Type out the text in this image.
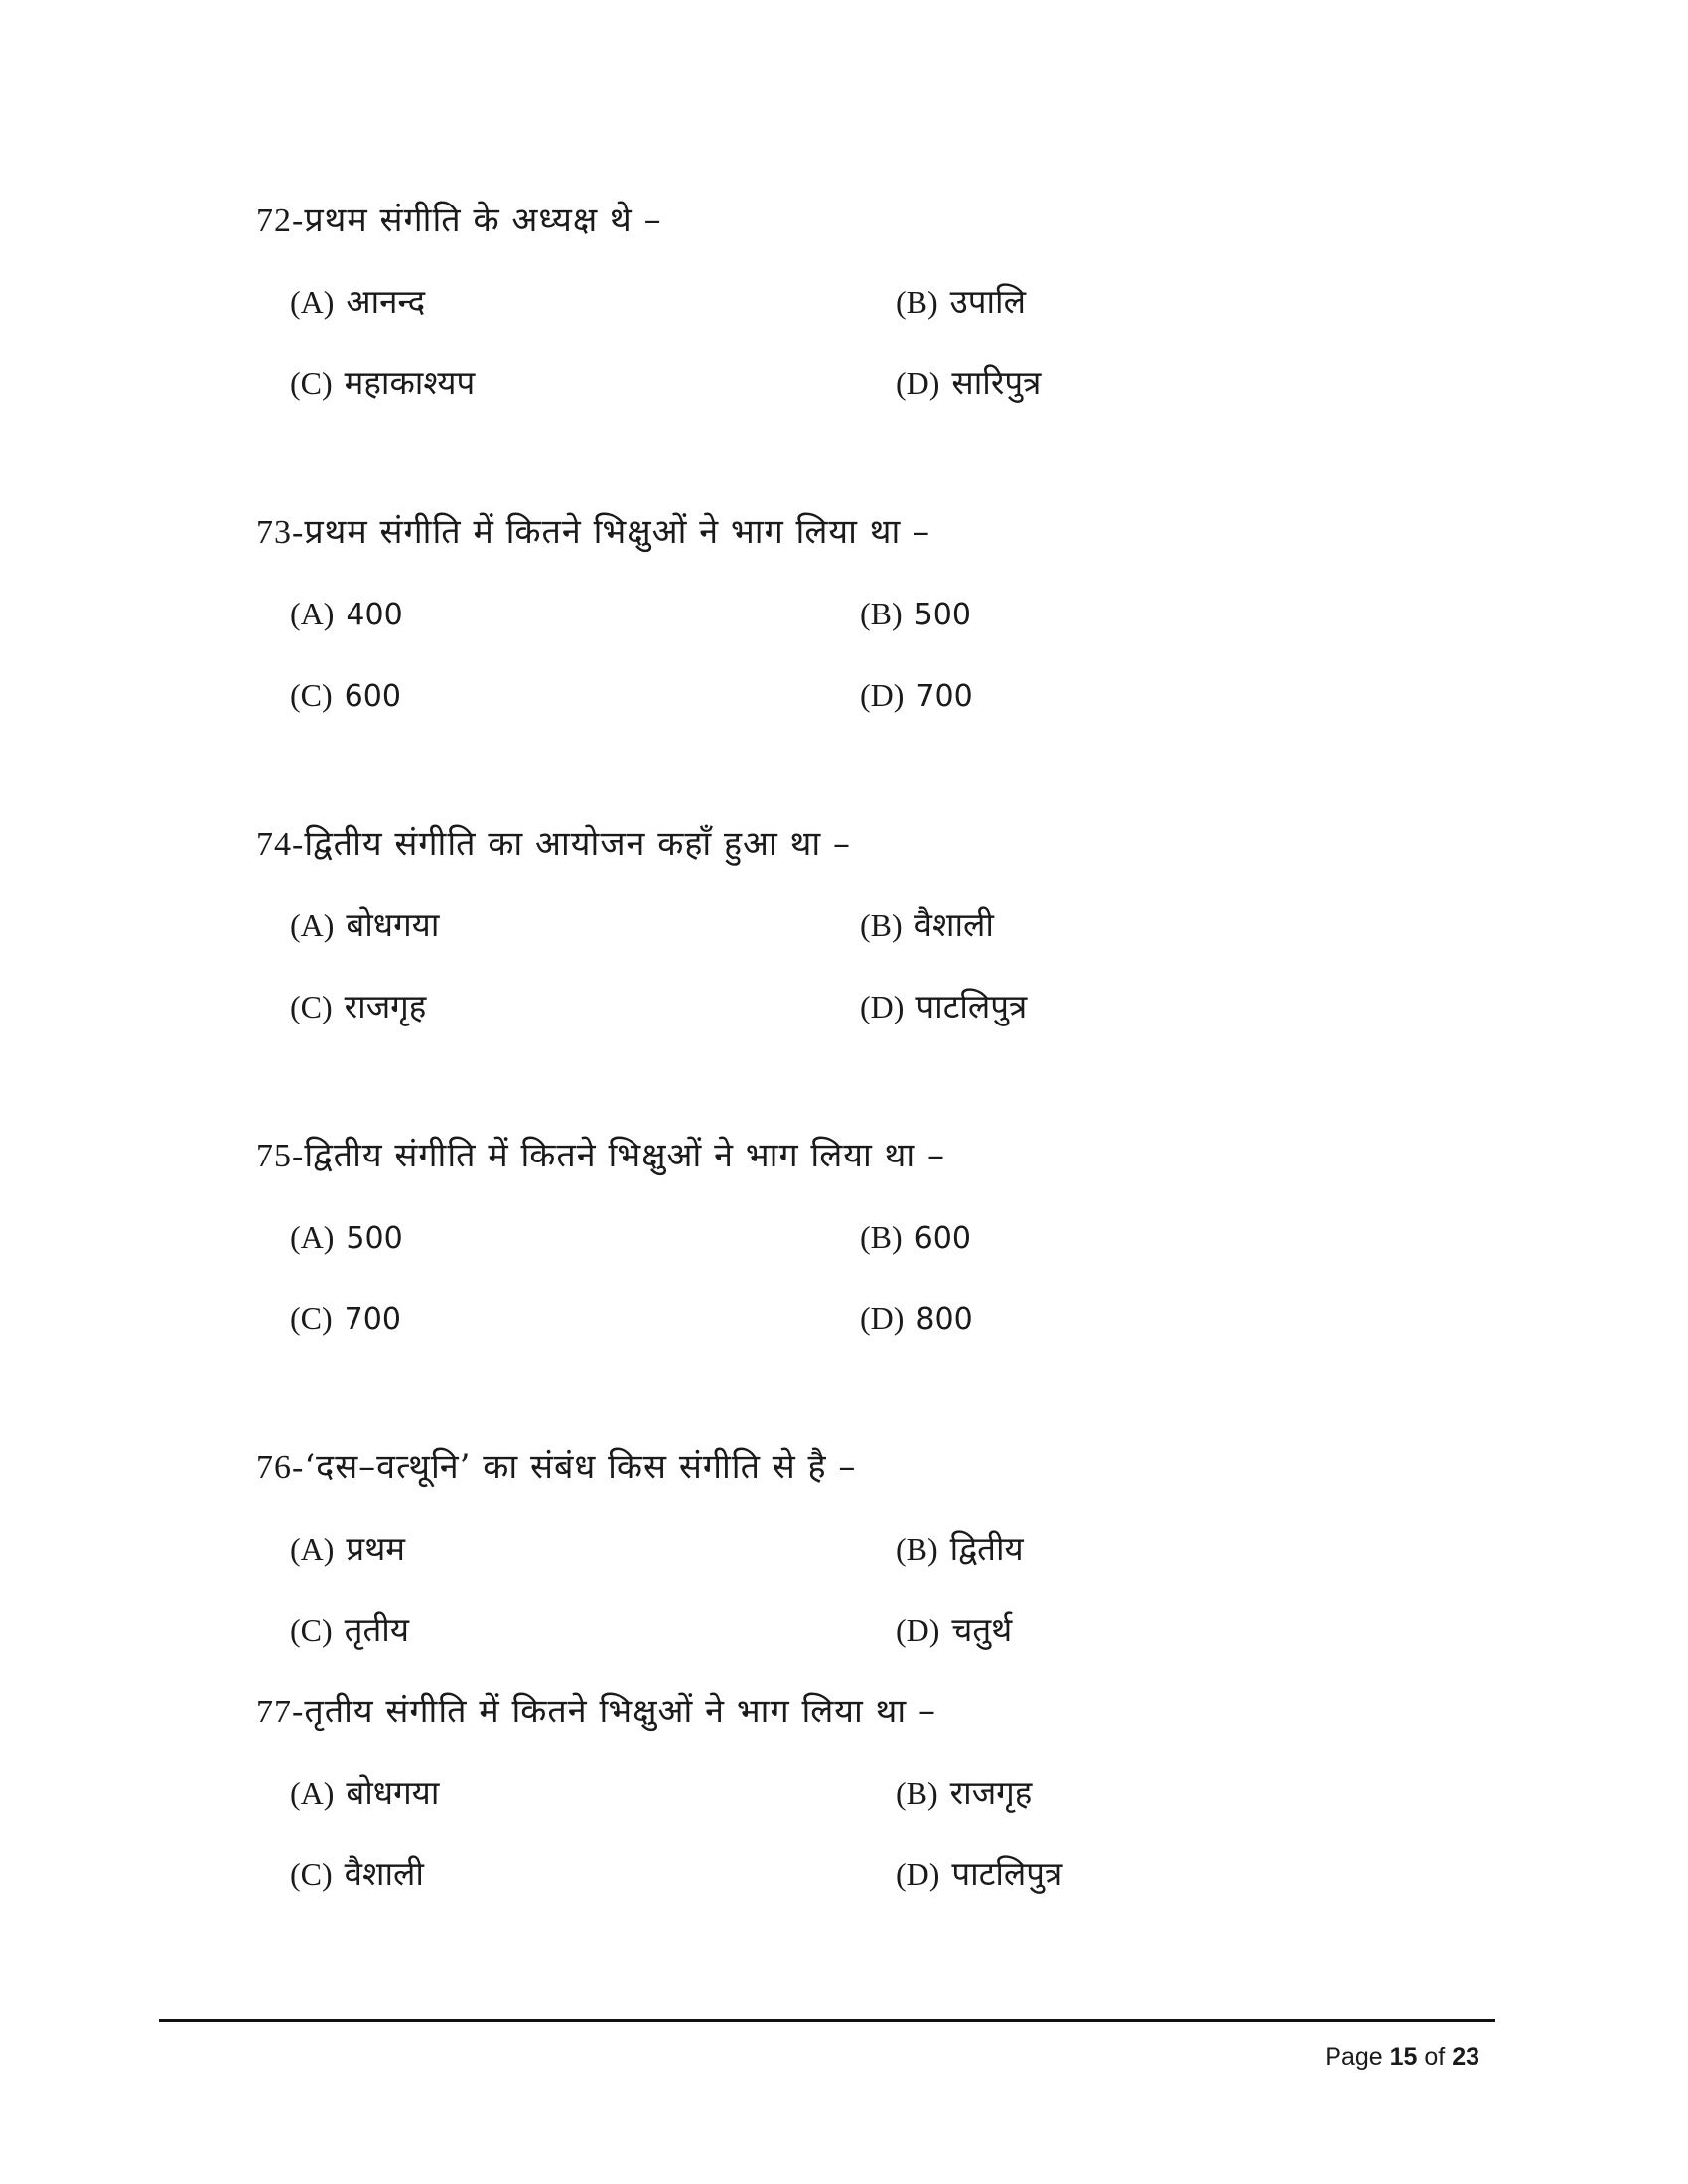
72-प्रथम संगीति के अध्यक्ष थे –
(A) आनन्द	(B) उपालि
(C) महाकाश्यप	(D) सारिपुत्र
73-प्रथम संगीति में कितने भिक्षुओं ने भाग लिया था –
(A) 400	(B) 500
(C) 600	(D) 700
74-द्वितीय संगीति का आयोजन कहाँ हुआ था –
(A) बोधगया	(B) वैशाली
(C) राजगृह	(D) पाटलिपुत्र
75-द्वितीय संगीति में कितने भिक्षुओं ने भाग लिया था –
(A) 500	(B) 600
(C) 700	(D) 800
76-‘दस–वत्थूनि’ का संबंध किस संगीति से है –
(A) प्रथम	(B) द्वितीय
(C) तृतीय	(D) चतुर्थ
77-तृतीय संगीति में कितने भिक्षुओं ने भाग लिया था –
(A) बोधगया	(B) राजगृह
(C) वैशाली	(D) पाटलिपुत्र
Page 15 of 23
